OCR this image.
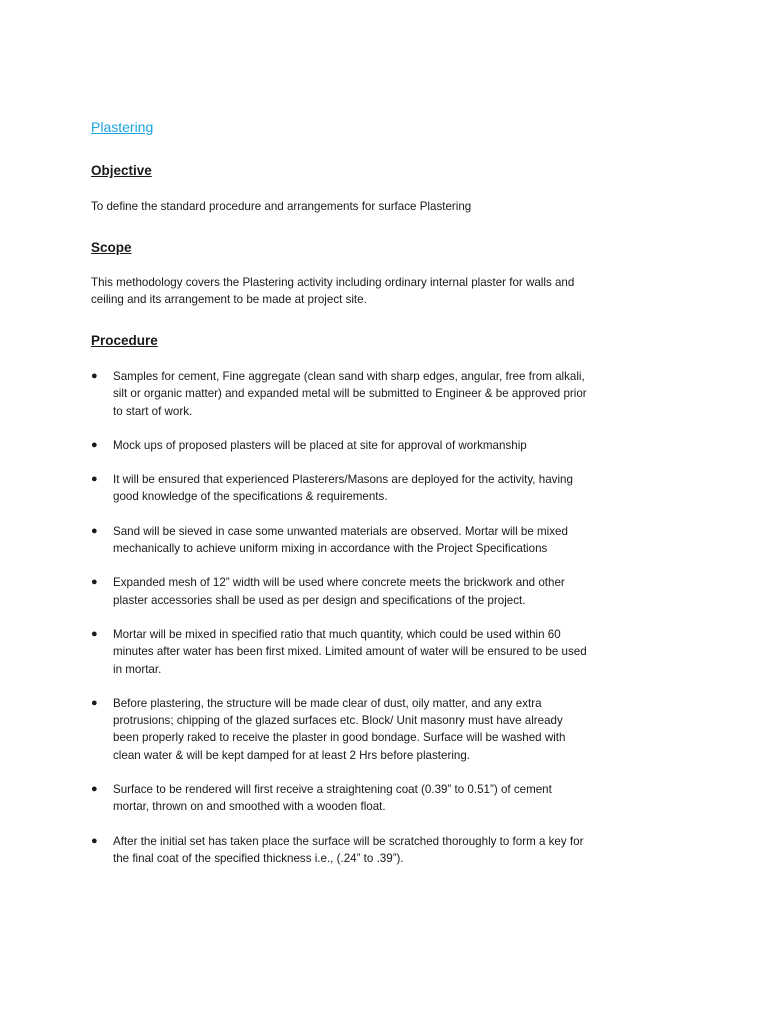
Plastering
Objective
To define the standard procedure and arrangements for surface Plastering
Scope
This methodology covers the Plastering activity including ordinary internal plaster for walls and ceiling and its arrangement to be made at project site.
Procedure
● Samples for cement, Fine aggregate (clean sand with sharp edges, angular, free from alkali, silt or organic matter) and expanded metal will be submitted to Engineer & be approved prior to start of work.
● Mock ups of proposed plasters will be placed at site for approval of workmanship
● It will be ensured that experienced Plasterers/Masons are deployed for the activity, having good knowledge of the specifications & requirements.
● Sand will be sieved in case some unwanted materials are observed. Mortar will be mixed mechanically to achieve uniform mixing in accordance with the Project Specifications
● Expanded mesh of 12” width will be used where concrete meets the brickwork and other plaster accessories shall be used as per design and specifications of the project.
● Mortar will be mixed in specified ratio that much quantity, which could be used within 60 minutes after water has been first mixed. Limited amount of water will be ensured to be used in mortar.
● Before plastering, the structure will be made clear of dust, oily matter, and any extra protrusions; chipping of the glazed surfaces etc. Block/ Unit masonry must have already been properly raked to receive the plaster in good bondage. Surface will be washed with clean water & will be kept damped for at least 2 Hrs before plastering.
● Surface to be rendered will first receive a straightening coat (0.39” to 0.51”) of cement mortar, thrown on and smoothed with a wooden float.
● After the initial set has taken place the surface will be scratched thoroughly to form a key for the final coat of the specified thickness i.e., (.24” to .39”).
